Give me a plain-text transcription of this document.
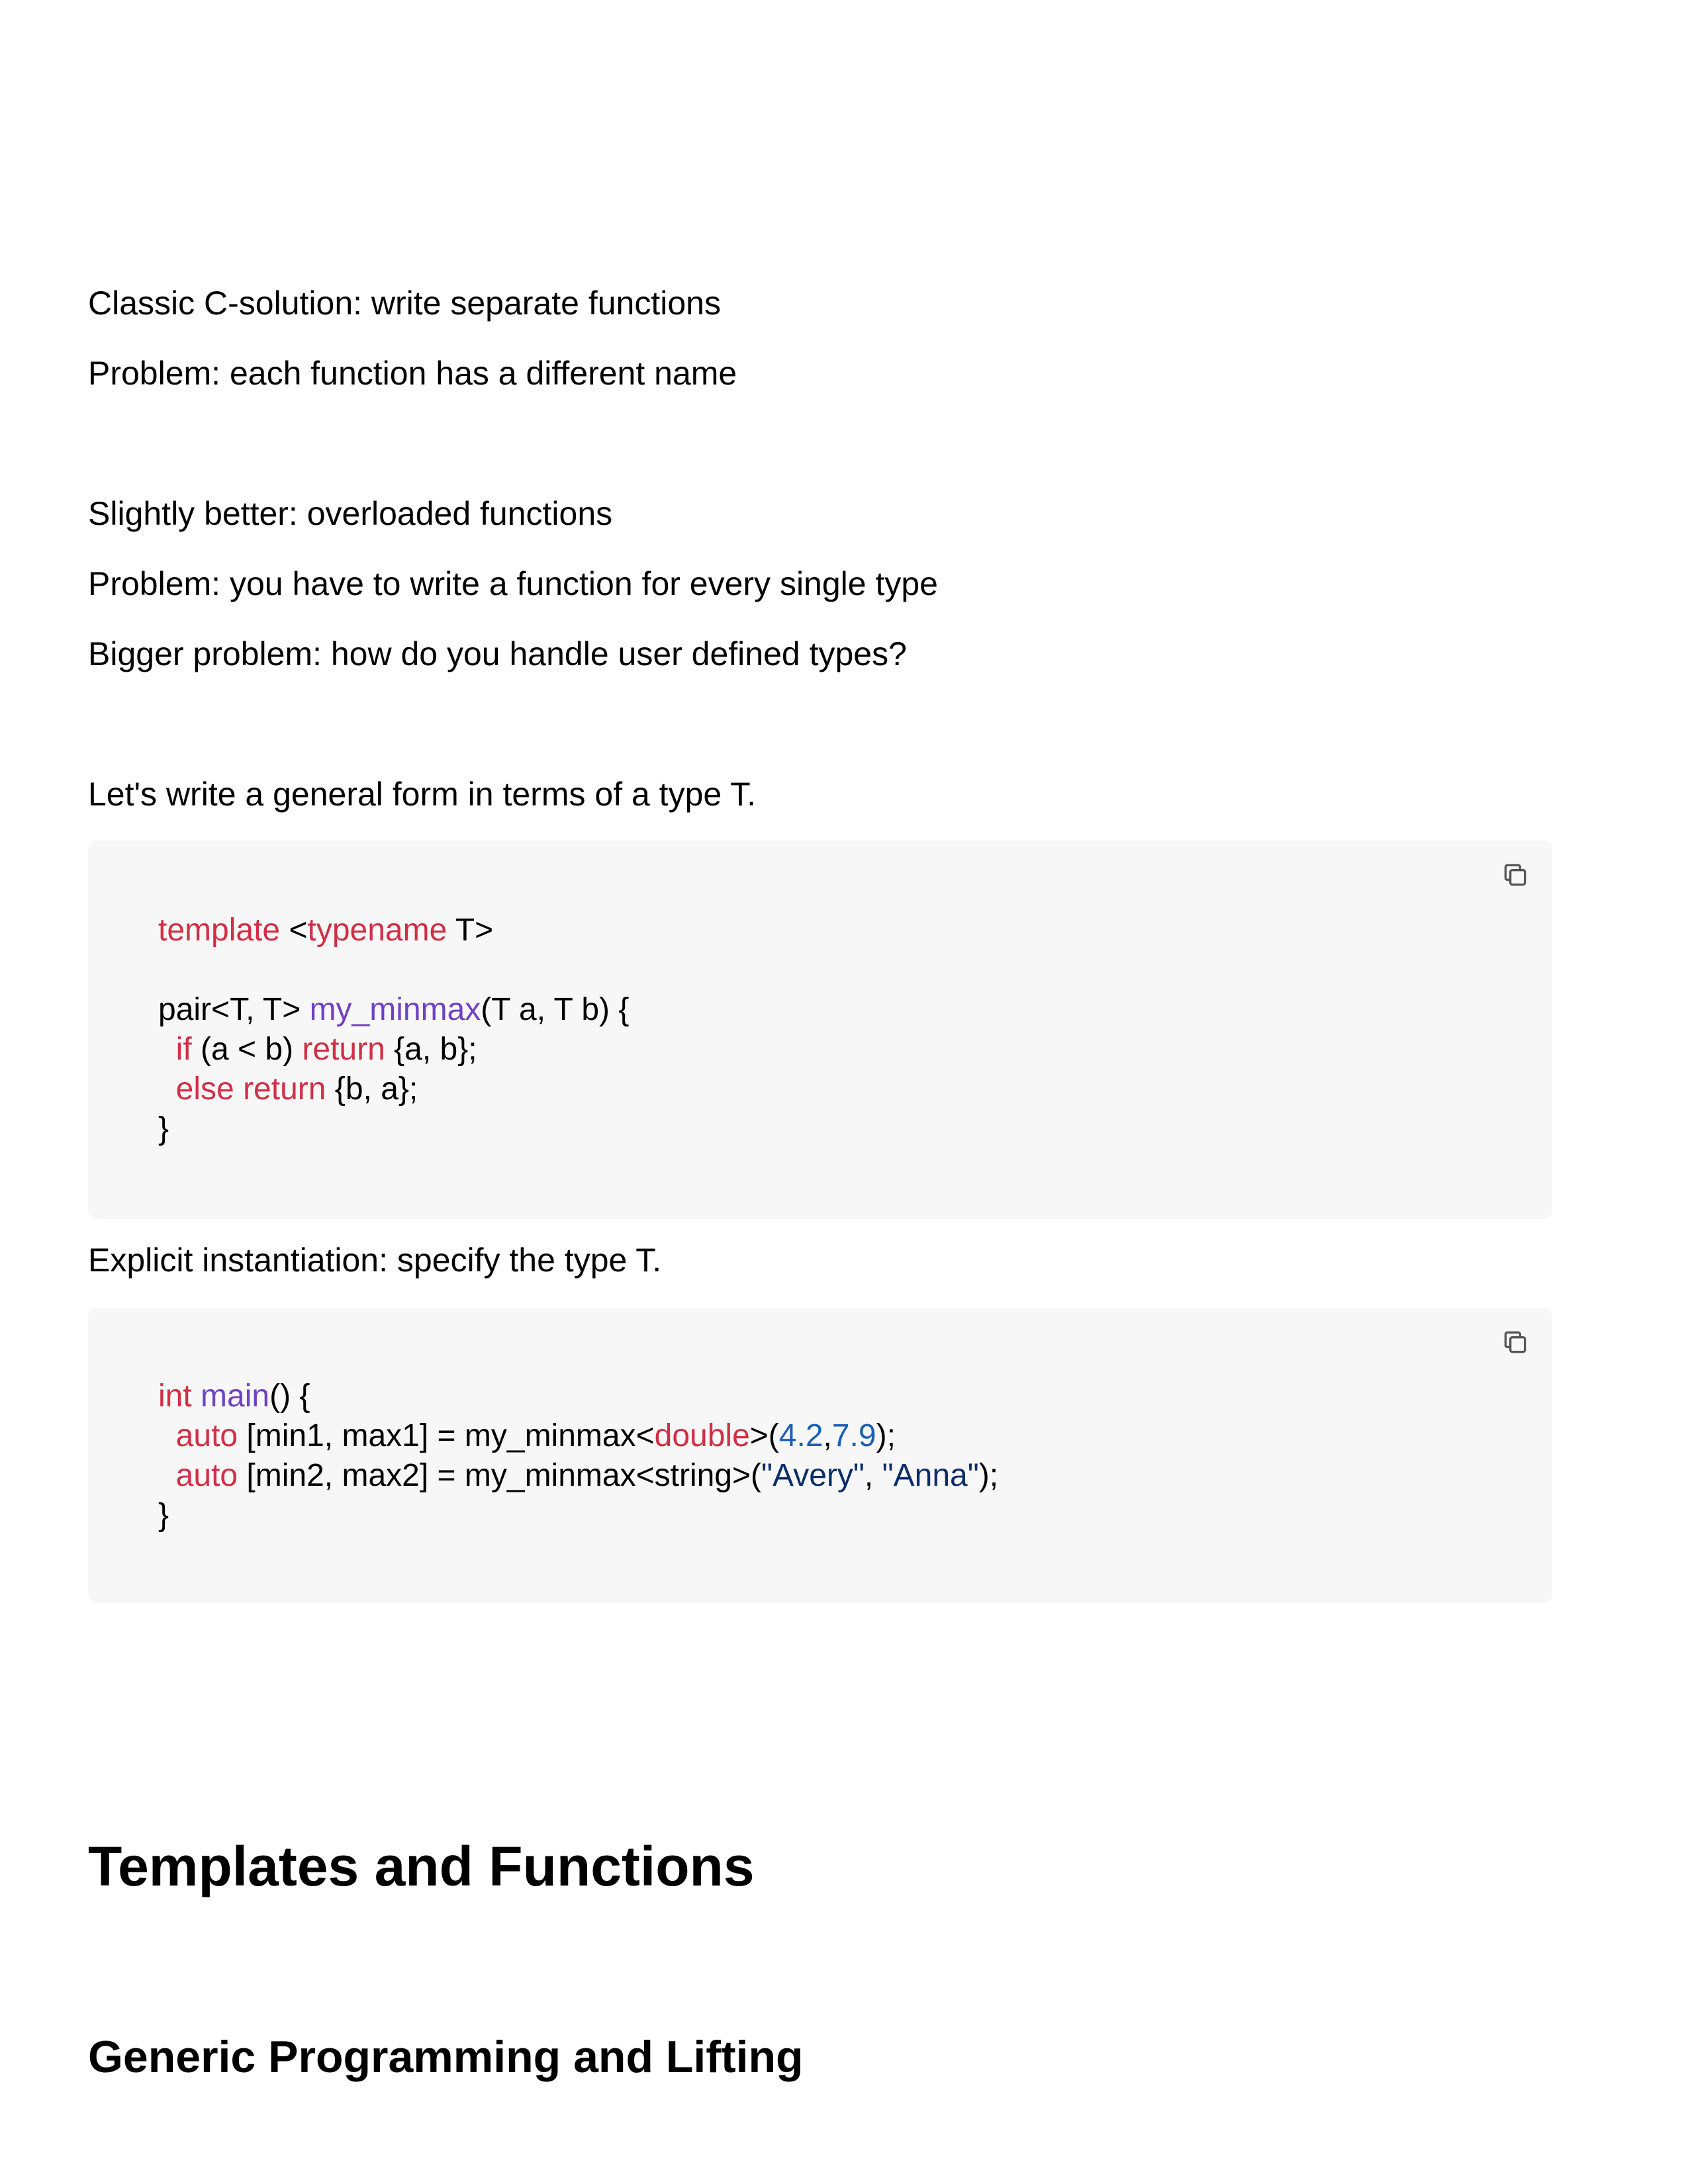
Classic C-solution: write separate functions
Problem: each function has a different name
Slightly better: overloaded functions
Problem: you have to write a function for every single type
Bigger problem: how do you handle user defined types?
Let's write a general form in terms of a type T.
template <typename T>
pair<T, T> my_minmax(T a, T b) {
if (a < b) return {a, b};
else return {b, a};
}
Explicit instantiation: specify the type T.
int main() {
auto [min1, max1] = my_minmax<double>(4.2,7.9);
auto [min2, max2] = my_minmax<string>("Avery", "Anna");
}
Templates and Functions
Generic Programming and Lifting
